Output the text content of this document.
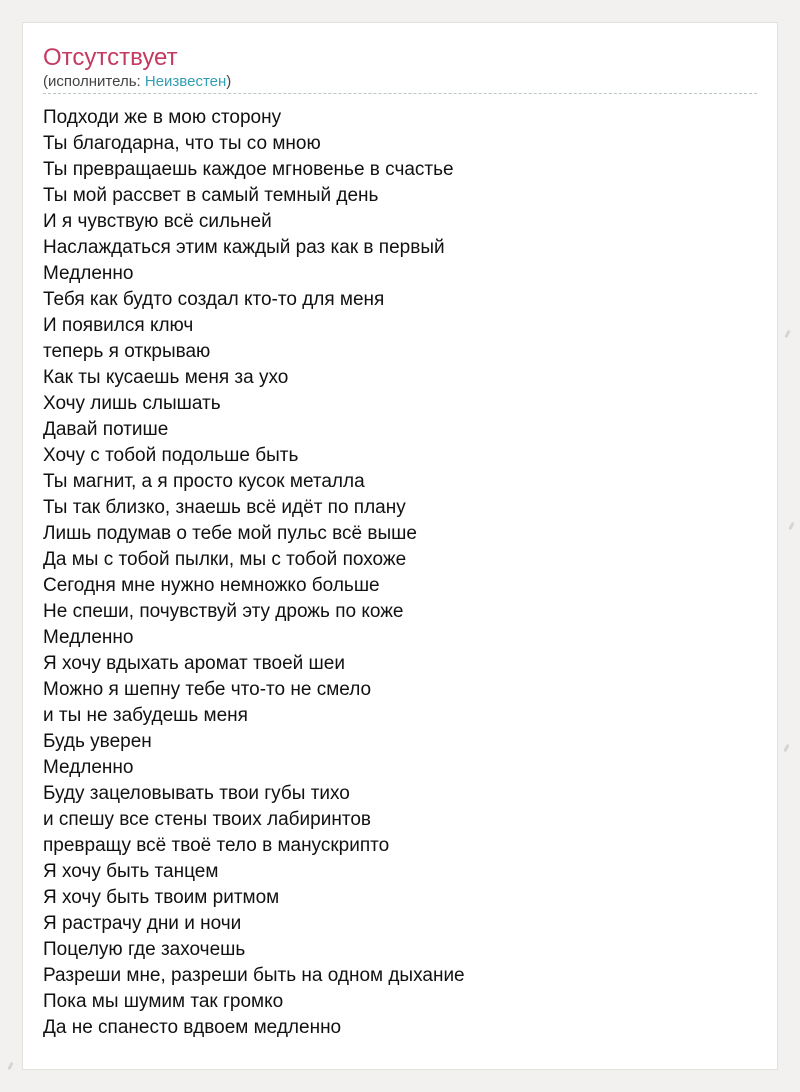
Отсутствует
(исполнитель: Неизвестен)
Подходи же в мою сторону
Ты благодарна, что ты со мною
Ты превращаешь каждое мгновенье в счастье
Ты мой рассвет в самый темный день
И я чувствую всё сильней
Наслаждаться этим каждый раз как в первый
Медленно
Тебя как будто создал кто-то для меня
И появился ключ
теперь я открываю
Как ты кусаешь меня за ухо
Хочу лишь слышать
Давай потише
Хочу с тобой подольше быть
Ты магнит, а я просто кусок металла
Ты так близко, знаешь всё идёт по плану
Лишь подумав о тебе мой пульс всё выше
Да мы с тобой пылки, мы с тобой похоже
Сегодня мне нужно немножко больше
Не спеши, почувствуй эту дрожь по коже
Медленно
Я хочу вдыхать аромат твоей шеи
Можно я шепну тебе что-то не смело
и ты не забудешь меня
Будь уверен
Медленно
Буду зацеловывать твои губы тихо
и спешу все стены твоих лабиринтов
превращу всё твоё тело в манускрипто
Я хочу быть танцем
Я хочу быть твоим ритмом
Я растрачу дни и ночи
Поцелую где захочешь
Разреши мне, разреши быть на одном дыхание
Пока мы шумим так громко
Да не спанесто вдвоем медленно
